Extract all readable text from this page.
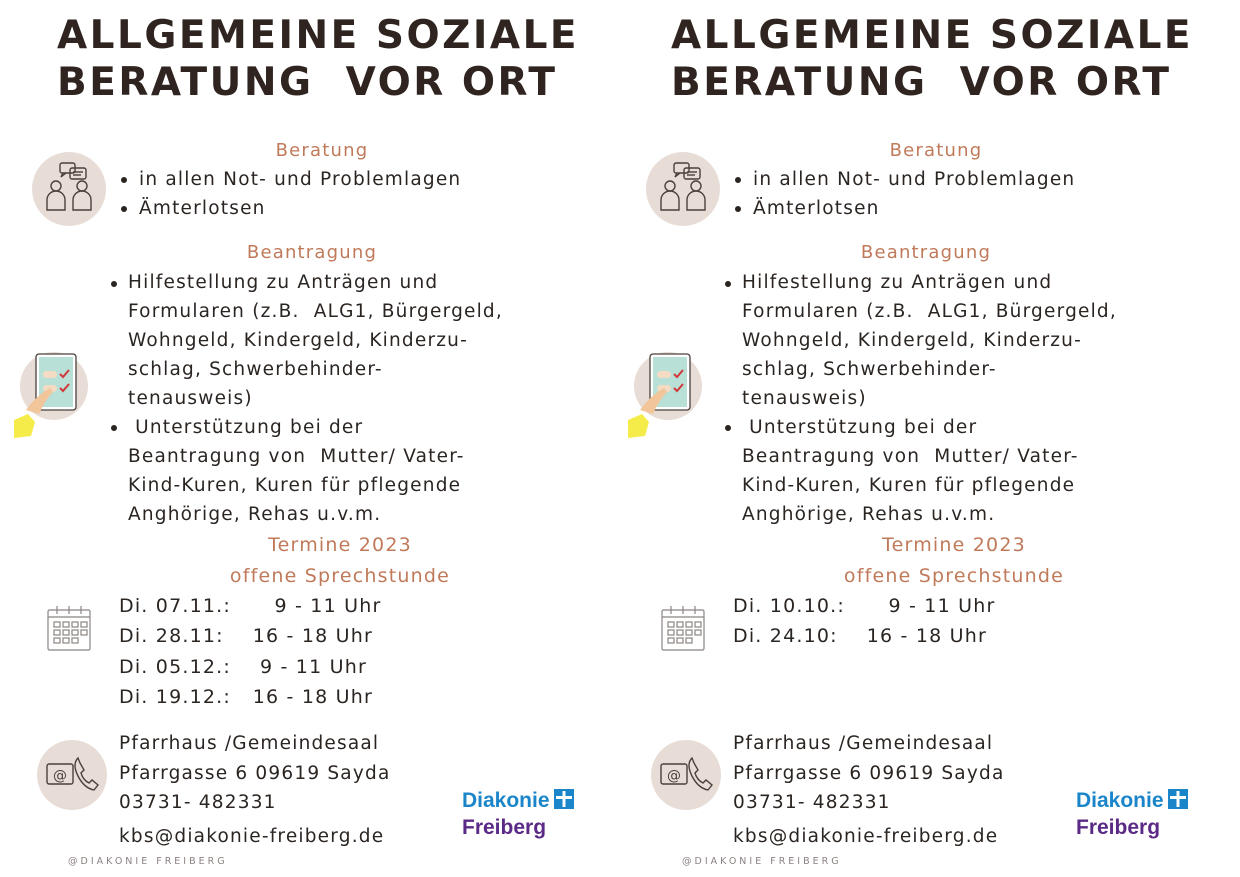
ALLGEMEINE SOZIALE
BERATUNG  VOR ORT
Beratung
in allen Not- und Problemlagen
Ämterlotsen
Beantragung
Hilfestellung zu Anträgen und
Formularen (z.B.  ALG1, Bürgergeld,
Wohngeld, Kindergeld, Kinderzu-
schlag, Schwerbehinder-
tenausweis)
Unterstützung bei der
Beantragung von  Mutter/ Vater-
Kind-Kuren, Kuren für pflegende
Anghörige, Rehas u.v.m.
Termine 2023
offene Sprechstunde
Di. 07.11.:      9 - 11 Uhr
Di. 28.11:    16 - 18 Uhr
Di. 05.12.:    9 - 11 Uhr
Di. 19.12.:   16 - 18 Uhr
@
Pfarrhaus /Gemeindesaal
Pfarrgasse 6 09619 Sayda
03731- 482331
kbs@diakonie-freiberg.de
Diakonie
Freiberg
@DIAKONIE FREIBERG
ALLGEMEINE SOZIALE
BERATUNG  VOR ORT
Beratung
in allen Not- und Problemlagen
Ämterlotsen
Beantragung
Hilfestellung zu Anträgen und
Formularen (z.B.  ALG1, Bürgergeld,
Wohngeld, Kindergeld, Kinderzu-
schlag, Schwerbehinder-
tenausweis)
Unterstützung bei der
Beantragung von  Mutter/ Vater-
Kind-Kuren, Kuren für pflegende
Anghörige, Rehas u.v.m.
Termine 2023
offene Sprechstunde
Di. 10.10.:      9 - 11 Uhr
Di. 24.10:    16 - 18 Uhr
@
Pfarrhaus /Gemeindesaal
Pfarrgasse 6 09619 Sayda
03731- 482331
kbs@diakonie-freiberg.de
Diakonie
Freiberg
@DIAKONIE FREIBERG
